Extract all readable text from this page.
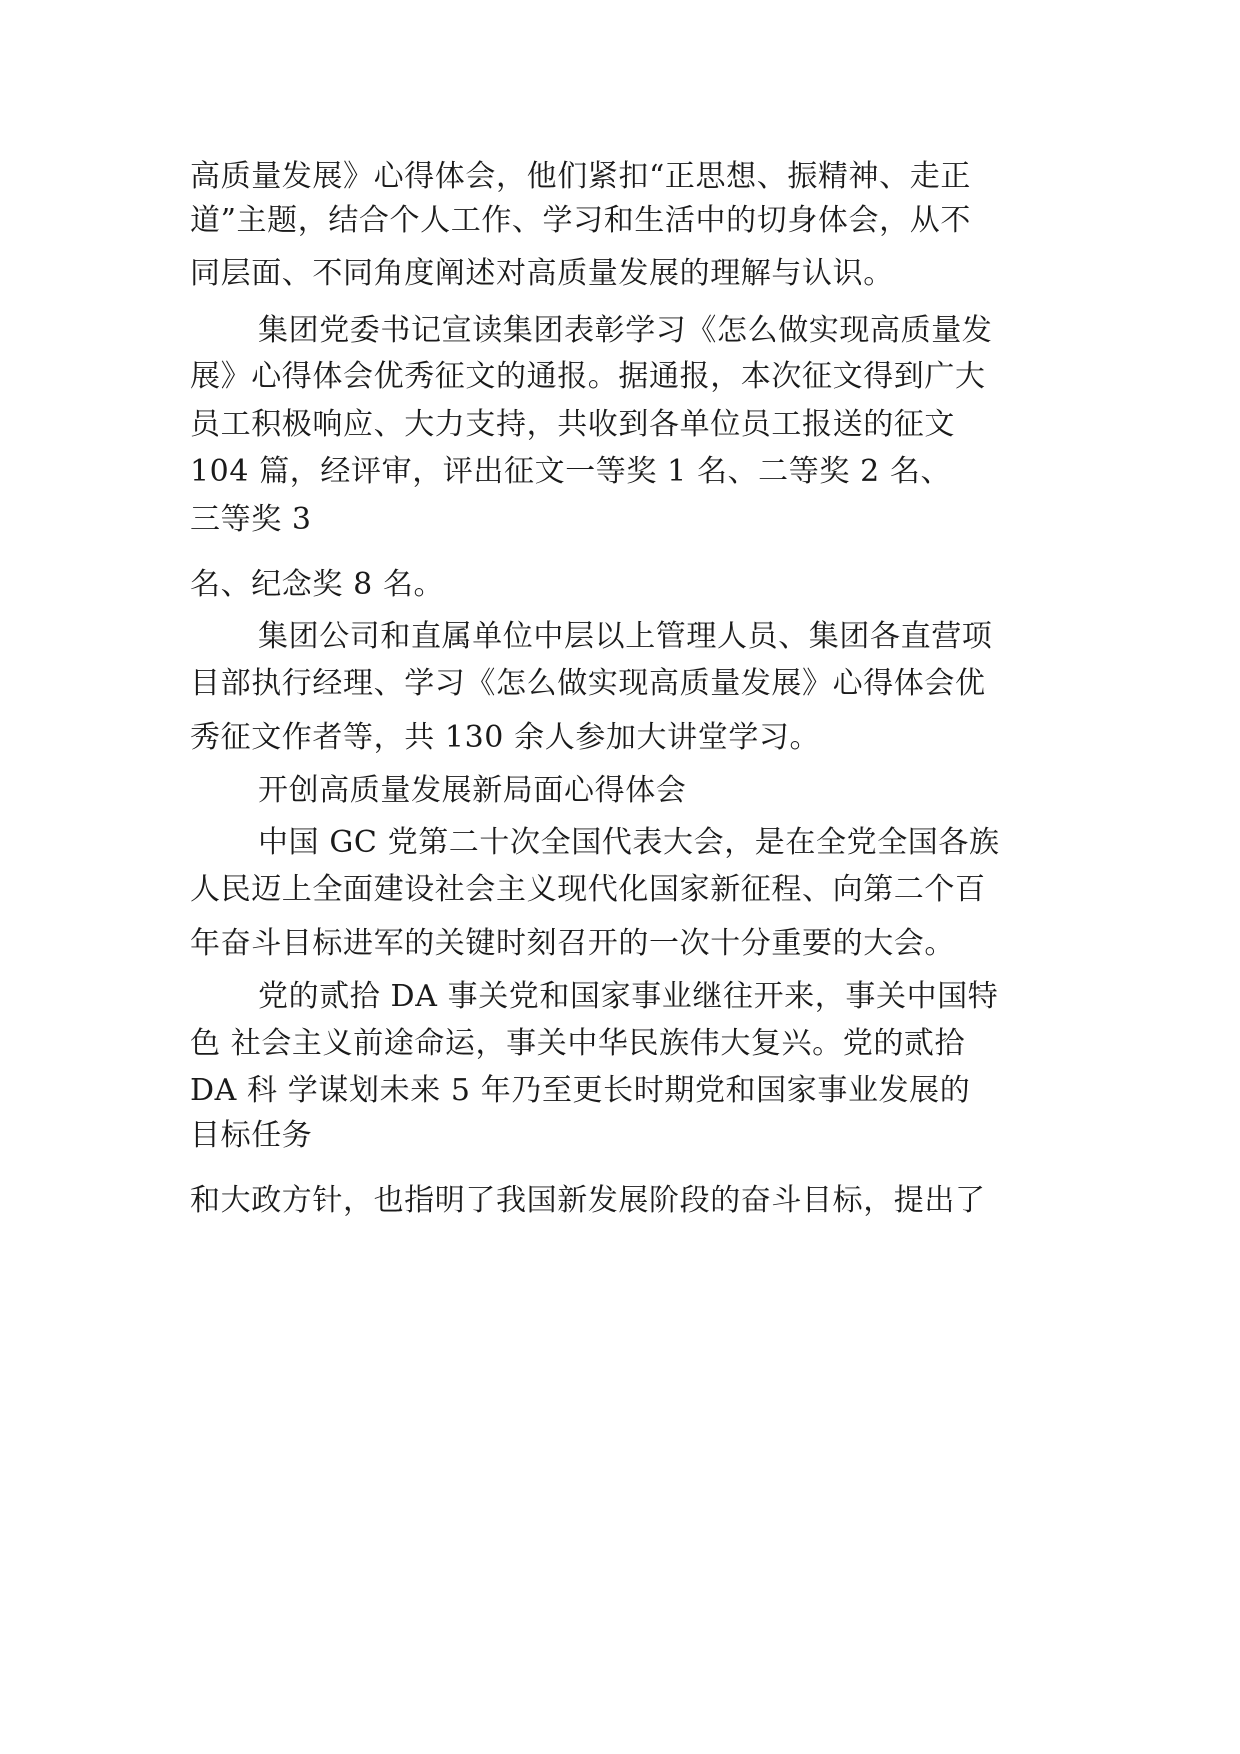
高质量发展》心得体会，他们紧扣“正思想、振精神、走正
道”主题，结合个人工作、学习和生活中的切身体会，从不
同层面、不同角度阐述对高质量发展的理解与认识。
集团党委书记宣读集团表彰学习《怎么做实现高质量发
展》心得体会优秀征文的通报。据通报，本次征文得到广大
员工积极响应、大力支持，共收到各单位员工报送的征文
104 篇，经评审，评出征文一等奖 1 名、二等奖 2 名、
三等奖 3
名、纪念奖 8 名。
集团公司和直属单位中层以上管理人员、集团各直营项
目部执行经理、学习《怎么做实现高质量发展》心得体会优
秀征文作者等，共 130 余人参加大讲堂学习。
开创高质量发展新局面心得体会
中国 GC 党第二十次全国代表大会，是在全党全国各族
人民迈上全面建设社会主义现代化国家新征程、向第二个百
年奋斗目标进军的关键时刻召开的一次十分重要的大会。
党的贰拾 DA 事关党和国家事业继往开来，事关中国特
色 社会主义前途命运，事关中华民族伟大复兴。党的贰拾
DA 科 学谋划未来 5 年乃至更长时期党和国家事业发展的
目标任务
和大政方针，也指明了我国新发展阶段的奋斗目标，提出了
